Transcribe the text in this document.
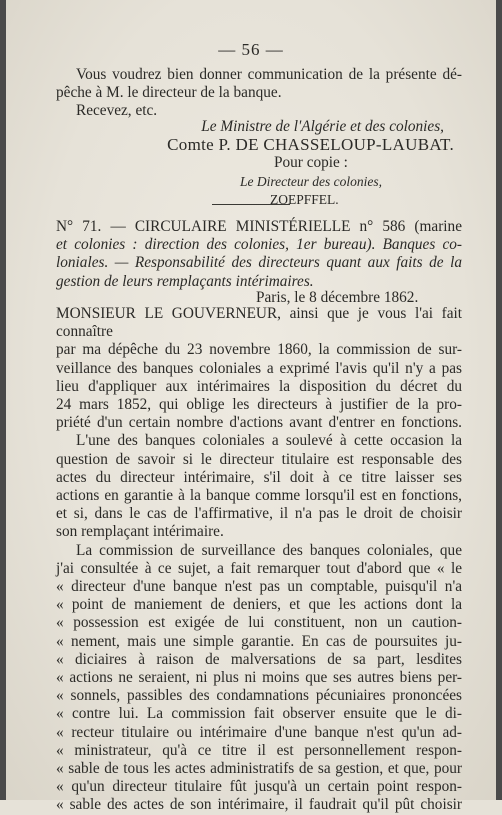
— 56 —
Vous voudrez bien donner communication de la présente dé-
pêche à M. le directeur de la banque.
Recevez, etc.
Le Ministre de l'Algérie et des colonies,
Comte P. DE CHASSELOUP-LAUBAT.
Pour copie :
Le Directeur des colonies,
ZOEPFFEL.
N° 71. — CIRCULAIRE MINISTÉRIELLE n° 586 (marine
et colonies : direction des colonies, 1er bureau). Banques co-
loniales. — Responsabilité des directeurs quant aux faits de la
gestion de leurs remplaçants intérimaires.
Paris, le 8 décembre 1862.
MONSIEUR LE GOUVERNEUR, ainsi que je vous l'ai fait connaître
par ma dépêche du 23 novembre 1860, la commission de sur-
veillance des banques coloniales a exprimé l'avis qu'il n'y a pas
lieu d'appliquer aux intérimaires la disposition du décret du
24 mars 1852, qui oblige les directeurs à justifier de la pro-
priété d'un certain nombre d'actions avant d'entrer en fonctions.
L'une des banques coloniales a soulevé à cette occasion la
question de savoir si le directeur titulaire est responsable des
actes du directeur intérimaire, s'il doit à ce titre laisser ses
actions en garantie à la banque comme lorsqu'il est en fonctions,
et si, dans le cas de l'affirmative, il n'a pas le droit de choisir
son remplaçant intérimaire.
La commission de surveillance des banques coloniales, que
j'ai consultée à ce sujet, a fait remarquer tout d'abord que « le
« directeur d'une banque n'est pas un comptable, puisqu'il n'a
« point de maniement de deniers, et que les actions dont la
« possession est exigée de lui constituent, non un caution-
« nement, mais une simple garantie. En cas de poursuites ju-
« diciaires à raison de malversations de sa part, lesdites
« actions ne seraient, ni plus ni moins que ses autres biens per-
« sonnels, passibles des condamnations pécuniaires prononcées
« contre lui. La commission fait observer ensuite que le di-
« recteur titulaire ou intérimaire d'une banque n'est qu'un ad-
« ministrateur, qu'à ce titre il est personnellement respon-
« sable de tous les actes administratifs de sa gestion, et que, pour
« qu'un directeur titulaire fût jusqu'à un certain point respon-
« sable des actes de son intérimaire, il faudrait qu'il pût choisir
